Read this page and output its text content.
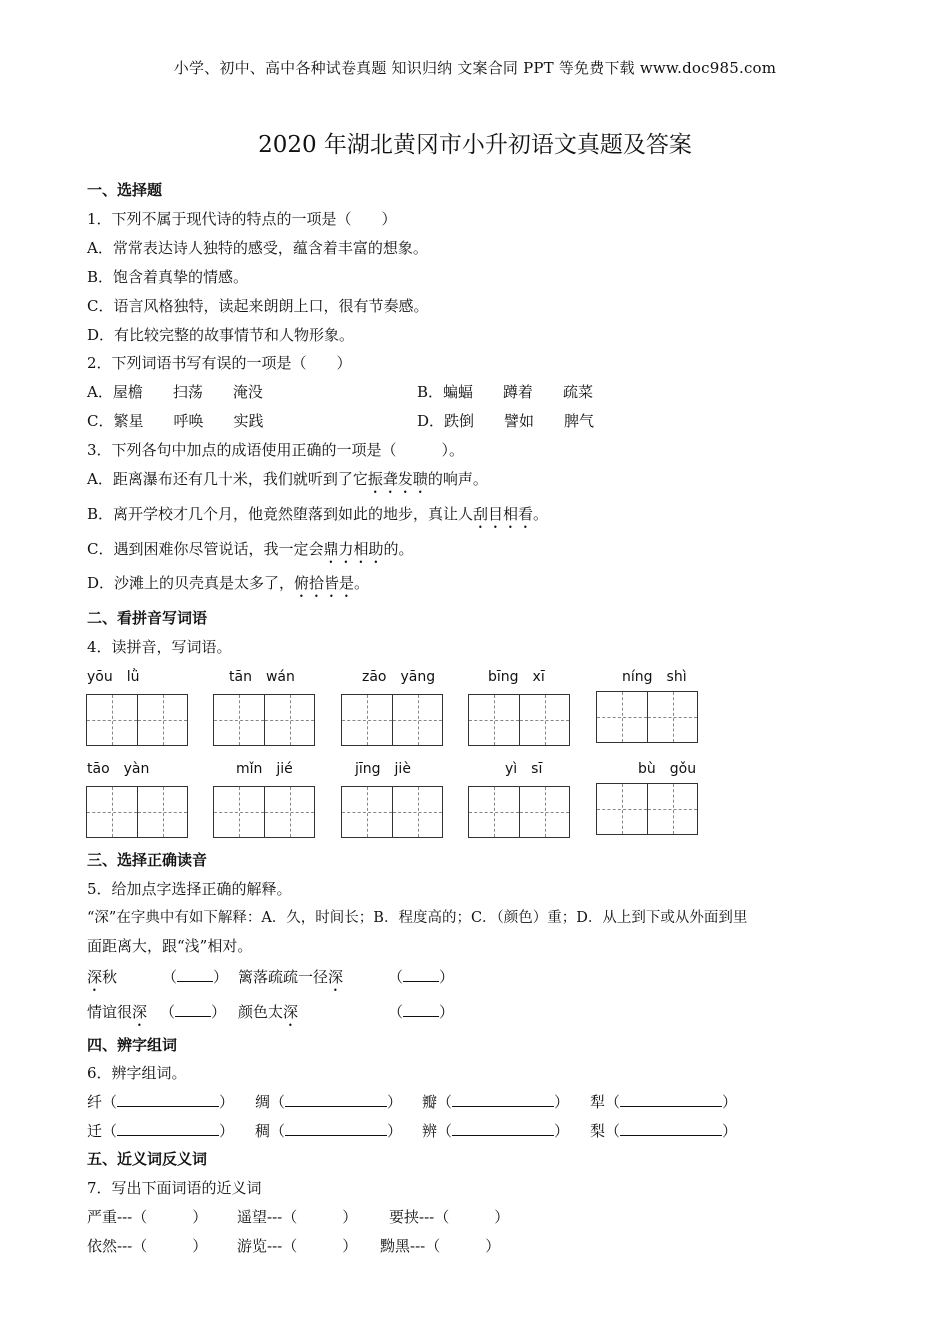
小学、初中、高中各种试卷真题 知识归纳 文案合同 PPT 等免费下载 www.doc985.com
2020 年湖北黄冈市小升初语文真题及答案
一、选择题
1．下列不属于现代诗的特点的一项是（　　）
A．常常表达诗人独特的感受，蕴含着丰富的想象。
B．饱含着真挚的情感。
C．语言风格独特，读起来朗朗上口，很有节奏感。
D．有比较完整的故事情节和人物形象。
2．下列词语书写有误的一项是（　　）
A．屋檐　　扫荡　　淹没	B．蝙蝠　　蹲着　　疏菜
C．繁星　　呼唤　　实践	D．跌倒　　譬如　　脾气
3．下列各句中加点的成语使用正确的一项是（　　　）。
A．距离瀑布还有几十米，我们就听到了它振聋发聩的响声。
B．离开学校才几个月，他竟然堕落到如此的地步，真让人刮目相看。
C．遇到困难你尽管说话，我一定会鼎力相助的。
D．沙滩上的贝壳真是太多了，俯拾皆是。
二、看拼音写词语
4．读拼音，写词语。
yōu　lǜ	tān　wán	zāo　yāng	bīng　xī	níng　shì
tāo　yàn	mǐn　jié	jīng　jiè	yì　sī	bù　gǒu
三、选择正确读音
5．给加点字选择正确的解释。
“深”在字典中有如下解释：A．久，时间长；B．程度高的；C．（颜色）重；D．从上到下或从外面到里
面距离大，跟“浅”相对。
深秋	（ ） 篱落疏疏一径深	（ ）
情谊很深 （ ） 颜色太深	（ ）
四、辨字组词
6．辨字组词。
纤（	） 绸（	） 瓣（	） 犁（	）
迁（	） 稠（	） 辨（	） 梨（	）
五、近义词反义词
7．写出下面词语的近义词
严重---（　　　） 遥望---（　　　） 要挟---（　　　）
依然---（　　　） 游览---（　　　） 黝黑---（　　　）
